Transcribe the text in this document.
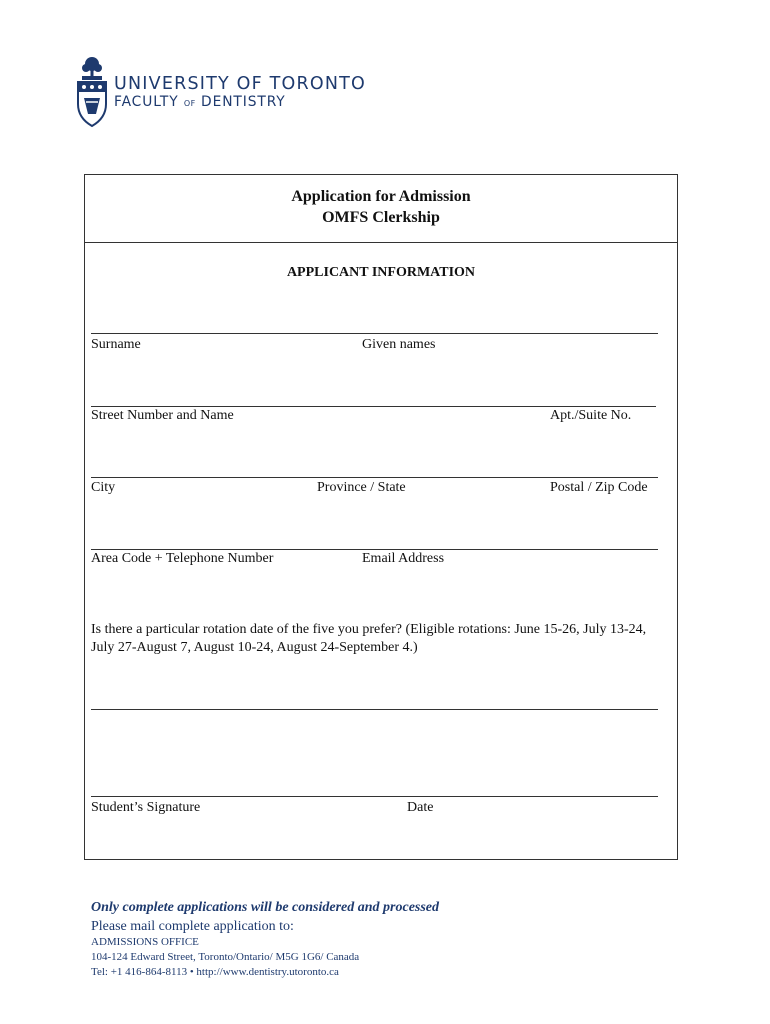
UNIVERSITY OF TORONTO
FACULTY OF DENTISTRY
Application for Admission
OMFS Clerkship
APPLICANT INFORMATION
Surname	Given names
Street Number and Name	Apt./Suite No.
City	Province / State	Postal / Zip Code
Area Code + Telephone Number	Email Address
Is there a particular rotation date of the five you prefer? (Eligible rotations: June 15-26, July 13-24, July 27-August 7, August 10-24, August 24-September 4.)
Student’s Signature	Date
Only complete applications will be considered and processed
Please mail complete application to:
ADMISSIONS OFFICE
104-124 Edward Street, Toronto/Ontario/ M5G 1G6/ Canada
Tel: +1 416-864-8113 • http://www.dentistry.utoronto.ca
